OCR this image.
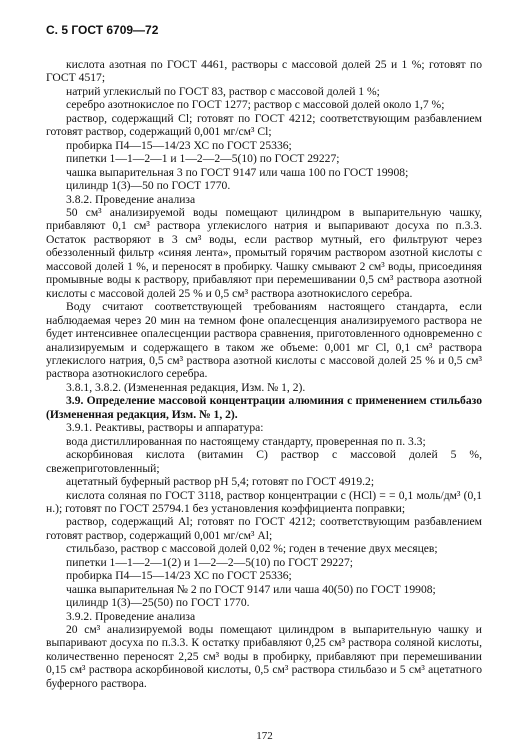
С. 5 ГОСТ 6709—72

кислота азотная по ГОСТ 4461, растворы с массовой долей 25 и 1 %; готовят по ГОСТ 4517;

натрий углекислый по ГОСТ 83, раствор с массовой долей 1 %;

серебро азотнокислое по ГОСТ 1277; раствор с массовой долей около 1,7 %;

раствор, содержащий Cl; готовят по ГОСТ 4212; соответствующим разбавлением готовят раствор, содержащий 0,001 мг/см³ Cl;

пробирка П4—15—14/23 ХС по ГОСТ 25336;

пипетки 1—1—2—1 и 1—2—2—5(10) по ГОСТ 29227;

чашка выпарительная 3 по ГОСТ 9147 или чаша 100 по ГОСТ 19908;

цилиндр 1(3)—50 по ГОСТ 1770.

3.8.2. Проведение анализа

50 см³ анализируемой воды помещают цилиндром в выпарительную чашку, прибавляют 0,1 см³ раствора углекислого натрия и выпаривают досуха по п.3.3. Остаток растворяют в 3 см³ воды, если раствор мутный, его фильтруют через обеззоленный фильтр «синяя лента», промытый горячим раствором азотной кислоты с массовой долей 1 %, и переносят в пробирку. Чашку смывают 2 см³ воды, присоединяя промывные воды к раствору, прибавляют при перемешивании 0,5 см³ раствора азотной кислоты с массовой долей 25 % и 0,5 см³ раствора азотнокислого серебра.

Воду считают соответствующей требованиям настоящего стандарта, если наблюдаемая через 20 мин на темном фоне опалесценция анализируемого раствора не будет интенсивнее опалесценции раствора сравнения, приготовленного одновременно с анализируемым и содержащего в таком же объеме: 0,001 мг Cl, 0,1 см³ раствора углекислого натрия, 0,5 см³ раствора азотной кислоты с массовой долей 25 % и 0,5 см³ раствора азотнокислого серебра.

3.8.1, 3.8.2. (Измененная редакция, Изм. № 1, 2).

3.9. Определение массовой концентрации алюминия с применением стильбазо (Измененная редакция, Изм. № 1, 2).

3.9.1. Реактивы, растворы и аппаратура:

вода дистиллированная по настоящему стандарту, проверенная по п. 3.3;

аскорбиновая кислота (витамин С) раствор с массовой долей 5 %, свежеприготовленный;

ацетатный буферный раствор pH 5,4; готовят по ГОСТ 4919.2;

кислота соляная по ГОСТ 3118, раствор концентрации c (HCl) = = 0,1 моль/дм³ (0,1 н.); готовят по ГОСТ 25794.1 без установления коэффициента поправки;

раствор, содержащий Al; готовят по ГОСТ 4212; соответствующим разбавлением готовят раствор, содержащий 0,001 мг/см³ Al;

стильбазо, раствор с массовой долей 0,02 %; годен в течение двух месяцев;

пипетки 1—1—2—1(2) и 1—2—2—5(10) по ГОСТ 29227;

пробирка П4—15—14/23 ХС по ГОСТ 25336;

чашка выпарительная № 2 по ГОСТ 9147 или чаша 40(50) по ГОСТ 19908;

цилиндр 1(3)—25(50) по ГОСТ 1770.

3.9.2. Проведение анализа

20 см³ анализируемой воды помещают цилиндром в выпарительную чашку и выпаривают досуха по п.3.3. К остатку прибавляют 0,25 см³ раствора соляной кислоты, количественно переносят 2,25 см³ воды в пробирку, прибавляют при перемешивании 0,15 см³ раствора аскорбиновой кислоты, 0,5 см³ раствора стильбазо и 5 см³ ацетатного буферного раствора.

172
